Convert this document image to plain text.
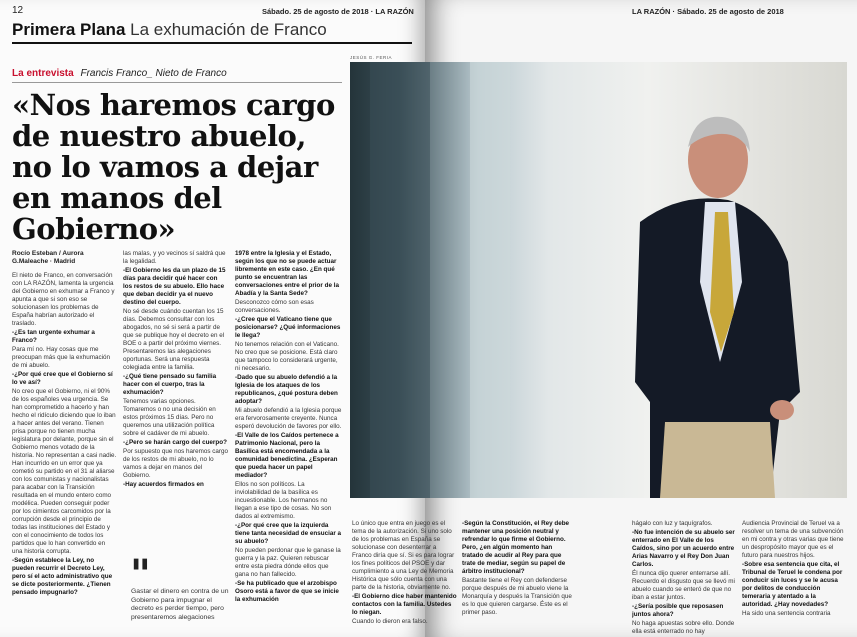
12	Sábado. 25 de agosto de 2018 · LA RAZÓN
Primera Plana La exhumación de Franco
La entrevista Francis Franco_ Nieto de Franco
«Nos haremos cargo de nuestro abuelo, no lo vamos a dejar en manos del Gobierno»
Rocío Esteban / Aurora
G.Maleache · Madrid

El nieto de Franco, en conversación con LA RAZÓN, lamenta la urgencia del Gobierno en exhumar a Franco y apunta a que si son eso se solucionasen los problemas de España habrían autorizado el traslado.

-¿Es tan urgente exhumar a Franco?

Para mí no. Hay cosas que me preocupan más que la exhumación de mi abuelo.

-¿Por qué cree que el Gobierno sí lo ve así?

No creo que el Gobierno, ni el 90% de los españoles vea urgencia. Se han comprometido a hacerlo y han hecho el ridículo diciendo que lo iban a hacer antes del verano. Tienen prisa porque no tienen mucha legislatura por delante, porque sin el Gobierno menos votado de la historia. No representan a casi nadie. Han incurrido en un error que ya cometió su partido en el 31 al aliarse con los comunistas y nacionalistas para acabar con la Transición resultada en el mundo entero como modélica. Pueden conseguir poder por los cimientos carcomidos por la corrupción desde el principio de todas las instituciones del Estado y con el conocimiento de todos los partidos que lo han convertido en una historia corrupta.

-Según establece la Ley, no pueden recurrir el Decreto Ley, pero sí el acto administrativo que se dicte posteriormente. ¿Tienen pensado impugnarlo?

las malas, y yo vecinos sí saldrá que la legalidad.

-El Gobierno les da un plazo de 15 días para decidir qué hacer con los restos de su abuelo. Ello hace que deban decidir ya el nuevo destino del cuerpo.

No sé desde cuándo cuentan los 15 días. Debemos consultar con los abogados, no sé si será a partir de que se publique hoy el decreto en el BOE o a partir del próximo viernes. Presentaremos las alegaciones oportunas. Será una respuesta colegiada entre la familia.

-¿Qué tiene pensado su familia hacer con el cuerpo, tras la exhumación?

Tenemos varias opciones. Tomaremos o no una decisión en estos próximos 15 días. Pero no queremos una utilización política sobre el cadáver de mi abuelo.

-¿Pero se harán cargo del cuerpo?

Por supuesto que nos haremos cargo de los restos de mi abuelo, no lo vamos a dejar en manos del Gobierno.

-Hay acuerdos firmados en

"
Gastar el dinero en contra de un Gobierno para impugnar el decreto es perder tiempo, pero presentaremos alegaciones

1978 entre la Iglesia y el Estado, según los que no se puede actuar libremente en este caso. ¿En qué punto se encuentran las conversaciones entre el prior de la Abadía y la Santa Sede?

Desconozco cómo son esas conversaciones.

-¿Cree que el Vaticano tiene que posicionarse? ¿Qué informaciones le llega?

No tenemos relación con el Vaticano. No creo que se posicione. Está claro que tampoco lo considerará urgente, ni necesario.

-Dado que su abuelo defendió a la Iglesia de los ataques de los republicanos, ¿qué postura deben adoptar?

Mi abuelo defendió a la Iglesia porque era fervorosamente creyente. Nunca esperó devolución de favores por ello.

-El Valle de los Caídos pertenece a Patrimonio Nacional, pero la Basílica está encomendada a la comunidad benedictina. ¿Esperan que pueda hacer un papel mediador?

Ellos no son políticos. La inviolabilidad de la basílica es incuestionable. Los hermanos no llegan a ese tipo de cosas. No son dados al extremismo.

-¿Por qué cree que la izquierda tiene tanta necesidad de ensuciar a su abuelo?

No pueden perdonar que le ganase la guerra y la paz. Quieren rebuscar entre esta piedra dónde ellos que gana no han fallecido.

-Se ha publicado que el arzobispo Osoro está a favor de que se inicie la exhumación

LA RAZÓN · Sábado. 25 de agosto de 2018
JESÚS G. FERIA

Lo único que entra en juego es el tema de la autorización. Si uno solo de los problemas en España se solucionase con desenterrar a Franco diría que sí. Si es para lograr los fines políticos del PSOE y dar cumplimiento a una Ley de Memoria Histórica que sólo cuenta con una parte de la historia, obviamente no.

-El Gobierno dice haber mantenido contactos con la familia. Ustedes lo niegan.

Cuando lo dieron era falso.

-Según la Constitución, el Rey debe mantener una posición neutral y refrendar lo que firme el Gobierno. Pero, ¿en algún momento han tratado de acudir al Rey para que trate de mediar, según su papel de árbitro institucional?

Bastante tiene el Rey con defenderse porque después de mi abuelo viene la Monarquía y después la Transición que es lo que quieren cargarse. Éste es el primer paso.

hágalo con luz y taquígrafos.

-No fue intención de su abuelo ser enterrado en El Valle de los Caídos, sino por un acuerdo entre Arias Navarro y el Rey Don Juan Carlos.

Él nunca dijo querer enterrarse allí. Recuerdo el disgusto que se llevó mi abuelo cuando se enteró de que no iban a estar juntos.

-¿Sería posible que reposasen juntos ahora?

No haga apuestas sobre ello. Donde ella está enterrado no hay

Audiencia Provincial de Teruel va a resolver un tema de una subvención en mi contra y otras varias que tiene un despropósito mayor que es el futuro para nuestros hijos.

-Sobre esa sentencia que cita, el Tribunal de Teruel le condena por conducir sin luces y se le acusa por delitos de conducción temeraria y atentado a la autoridad. ¿Hay novedades?

Ha sido una sentencia contraria
